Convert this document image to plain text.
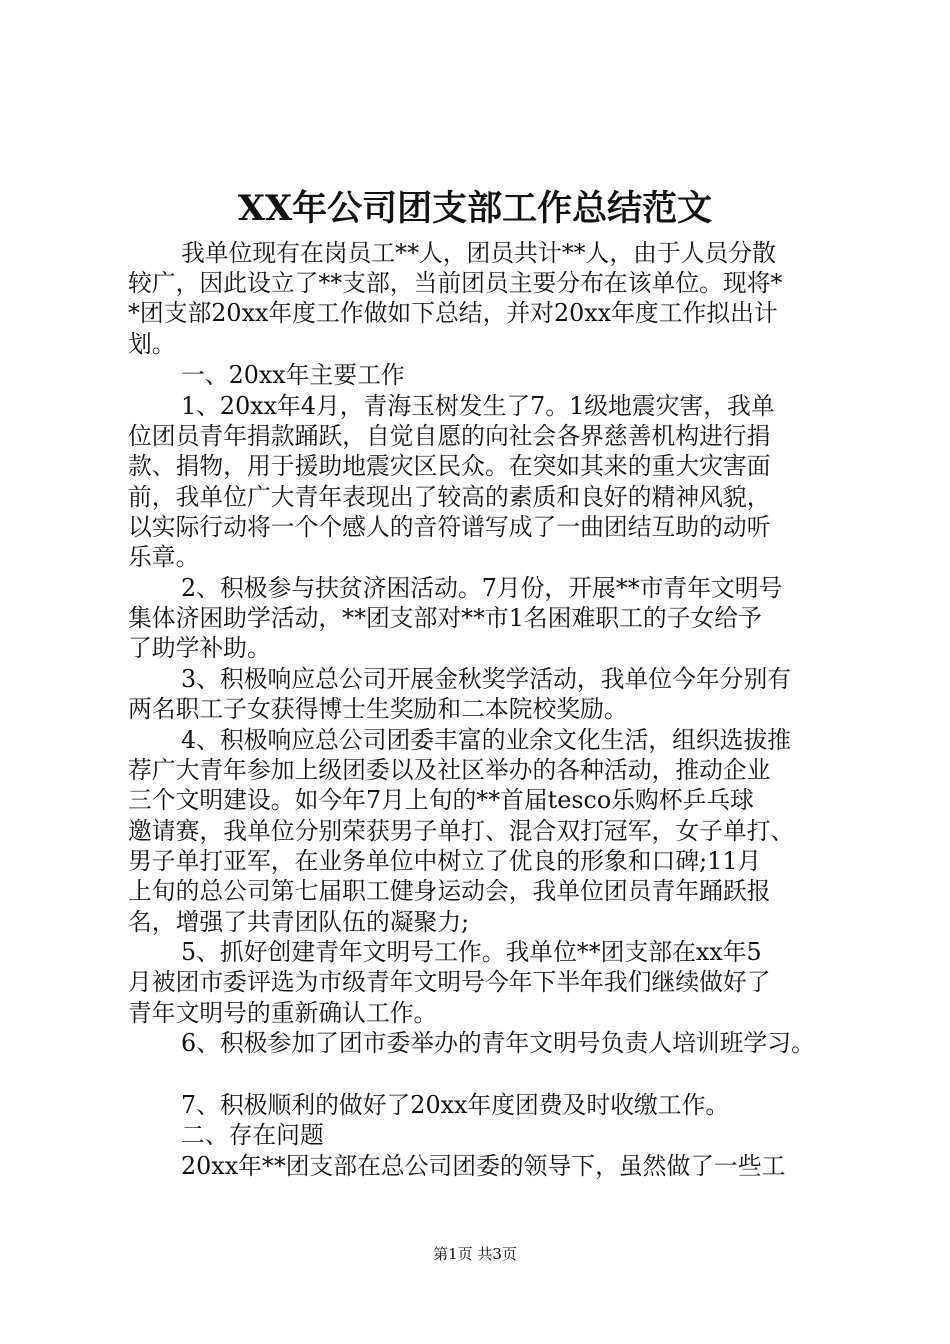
XX年公司团支部工作总结范文
我单位现有在岗员工**人，团员共计**人，由于人员分散
较广，因此设立了**支部，当前团员主要分布在该单位。现将*
*团支部20xx年度工作做如下总结，并对20xx年度工作拟出计
划。
一、20xx年主要工作
1、20xx年4月，青海玉树发生了7。1级地震灾害，我单
位团员青年捐款踊跃，自觉自愿的向社会各界慈善机构进行捐
款、捐物，用于援助地震灾区民众。在突如其来的重大灾害面
前，我单位广大青年表现出了较高的素质和良好的精神风貌，
以实际行动将一个个感人的音符谱写成了一曲团结互助的动听
乐章。
2、积极参与扶贫济困活动。7月份，开展**市青年文明号
集体济困助学活动，**团支部对**市1名困难职工的子女给予
了助学补助。
3、积极响应总公司开展金秋奖学活动，我单位今年分别有
两名职工子女获得博士生奖励和二本院校奖励。
4、积极响应总公司团委丰富的业余文化生活，组织选拔推
荐广大青年参加上级团委以及社区举办的各种活动，推动企业
三个文明建设。如今年7月上旬的**首届tesco乐购杯乒乓球
邀请赛，我单位分别荣获男子单打、混合双打冠军，女子单打、
男子单打亚军，在业务单位中树立了优良的形象和口碑;11月
上旬的总公司第七届职工健身运动会，我单位团员青年踊跃报
名，增强了共青团队伍的凝聚力;
5、抓好创建青年文明号工作。我单位**团支部在xx年5
月被团市委评选为市级青年文明号今年下半年我们继续做好了
青年文明号的重新确认工作。
6、积极参加了团市委举办的青年文明号负责人培训班学习。
7、积极顺利的做好了20xx年度团费及时收缴工作。
二、存在问题
20xx年**团支部在总公司团委的领导下，虽然做了一些工
第1页 共3页
